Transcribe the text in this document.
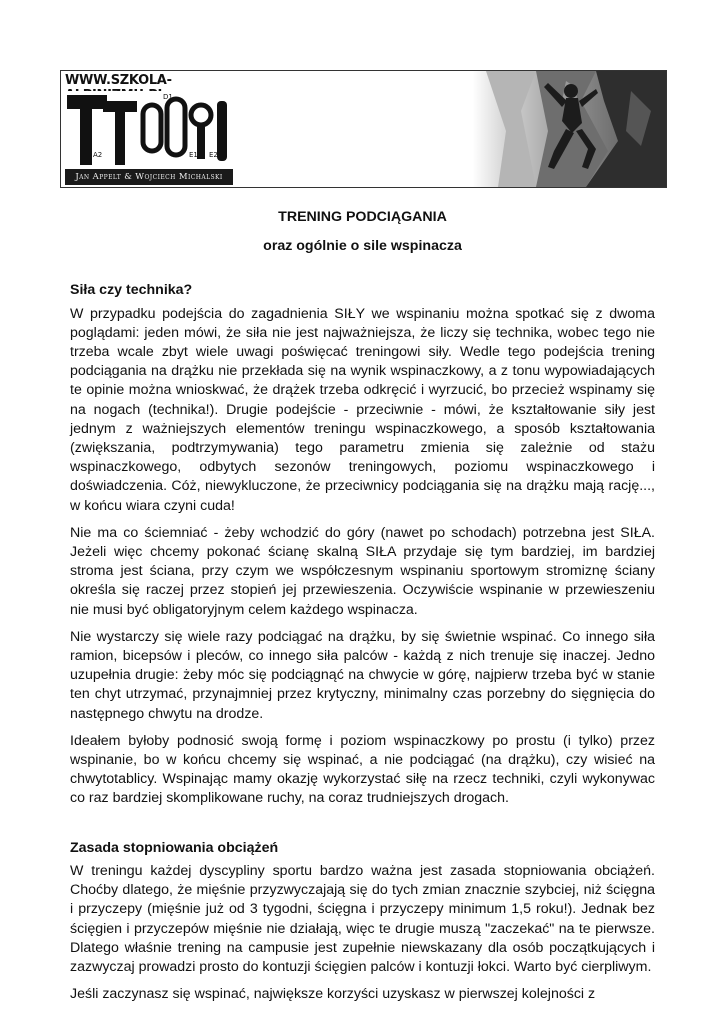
WWW.SZKOLA-
A1
A2
D1
E1 E2
Jan Appelt & Wojciech Michalski
TRENING PODCIĄGANIA
oraz ogólnie o sile wspinacza
Siła czy technika?

W przypadku podejścia do zagadnienia SIŁY we wspinaniu można spotkać się z dwoma poglądami: jeden mówi, że siła nie jest najważniejsza, że liczy się technika, wobec tego nie trzeba wcale zbyt wiele uwagi poświęcać treningowi siły. Wedle tego podejścia trening podciągania na drążku nie przekłada się na wynik wspinaczkowy, a z tonu wypowiadających te opinie można wnioskwać, że drążek trzeba odkręcić i wyrzucić, bo przecież wspinamy się na nogach (technika!). Drugie podejście - przeciwnie - mówi, że kształtowanie siły jest jednym z ważniejszych elementów treningu wspinaczkowego, a sposób kształtowania (zwiększania, podtrzymywania) tego parametru zmienia się zależnie od stażu wspinaczkowego, odbytych sezonów treningowych, poziomu wspinaczkowego i doświadczenia. Cóż, niewykluczone, że przeciwnicy podciągania się na drążku mają rację..., w końcu wiara czyni cuda!

Nie ma co ściemniać - żeby wchodzić do góry (nawet po schodach) potrzebna jest SIŁA. Jeżeli więc chcemy pokonać ścianę skalną SIŁA przydaje się tym bardziej, im bardziej stroma jest ściana, przy czym we współczesnym wspinaniu sportowym stromiznę ściany określa się raczej przez stopień jej przewieszenia. Oczywiście wspinanie w przewieszeniu nie musi być obligatoryjnym celem każdego wspinacza.

Nie wystarczy się wiele razy podciągać na drążku, by się świetnie wspinać. Co innego siła ramion, bicepsów i pleców, co innego siła palców - każdą z nich trenuje się inaczej. Jedno uzupełnia drugie: żeby móc się podciągnąć na chwycie w górę, najpierw trzeba być w stanie ten chyt utrzymać, przynajmniej przez krytyczny, minimalny czas porzebny do sięgnięcia do następnego chwytu na drodze.

Ideałem byłoby podnosić swoją formę i poziom wspinaczkowy po prostu (i tylko) przez wspinanie, bo w końcu chcemy się wspinać, a nie podciągać (na drążku), czy wisieć na chwytotablicy. Wspinając mamy okazję wykorzystać siłę na rzecz techniki, czyli wykonywac co raz bardziej skomplikowane ruchy, na coraz trudniejszych drogach.

Zasada stopniowania obciążeń

W treningu każdej dyscypliny sportu bardzo ważna jest zasada stopniowania obciążeń. Choćby dlatego, że mięśnie przyzwyczajają się do tych zmian znacznie szybciej, niż ścięgna i przyczepy (mięśnie już od 3 tygodni, ścięgna i przyczepy minimum 1,5 roku!). Jednak bez ścięgien i przyczepów mięśnie nie działają, więc te drugie muszą "zaczekać" na te pierwsze. Dlatego właśnie trening na campusie jest zupełnie niewskazany dla osób początkujących i zazwyczaj prowadzi prosto do kontuzji ścięgien palców i kontuzji łokci. Warto być cierpliwym.

Jeśli zaczynasz się wspinać, największe korzyści uzyskasz w pierwszej kolejności z
